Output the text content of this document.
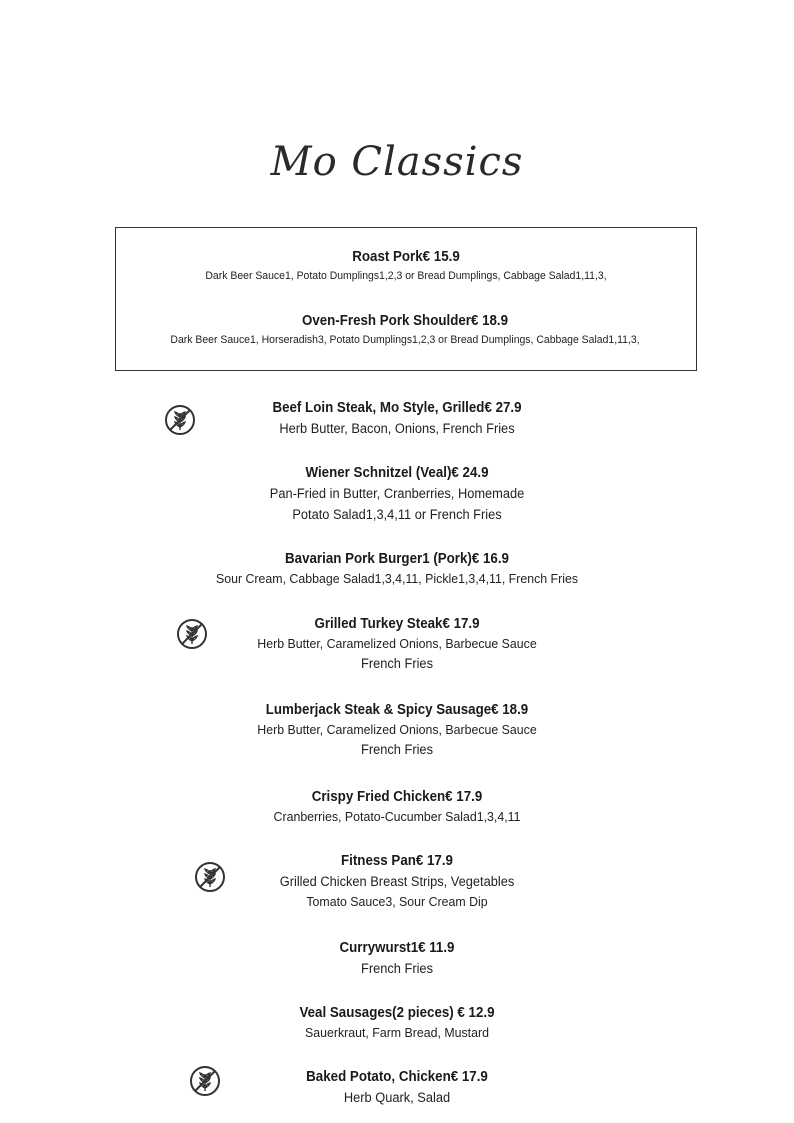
Mo Classics
Roast Pork€ 15.9
Dark Beer Sauce1, Potato Dumplings1,2,3 or Bread Dumplings, Cabbage Salad1,11,3,
Oven-Fresh Pork Shoulder€ 18.9
Dark Beer Sauce1, Horseradish3, Potato Dumplings1,2,3 or Bread Dumplings, Cabbage Salad1,11,3,
Beef Loin Steak, Mo Style, Grilled€ 27.9
Herb Butter, Bacon, Onions, French Fries
Wiener Schnitzel (Veal)€ 24.9
Pan-Fried in Butter, Cranberries, Homemade
Potato Salad1,3,4,11 or French Fries
Bavarian Pork Burger1 (Pork)€ 16.9
Sour Cream, Cabbage Salad1,3,4,11, Pickle1,3,4,11, French Fries
Grilled Turkey Steak€ 17.9
Herb Butter, Caramelized Onions, Barbecue Sauce
French Fries
Lumberjack Steak & Spicy Sausage€ 18.9
Herb Butter, Caramelized Onions, Barbecue Sauce
French Fries
Crispy Fried Chicken€ 17.9
Cranberries, Potato-Cucumber Salad1,3,4,11
Fitness Pan€ 17.9
Grilled Chicken Breast Strips, Vegetables
Tomato Sauce3, Sour Cream Dip
Currywurst1€ 11.9
French Fries
Veal Sausages(2 pieces) € 12.9
Sauerkraut, Farm Bread, Mustard
Baked Potato, Chicken€ 17.9
Herb Quark, Salad
